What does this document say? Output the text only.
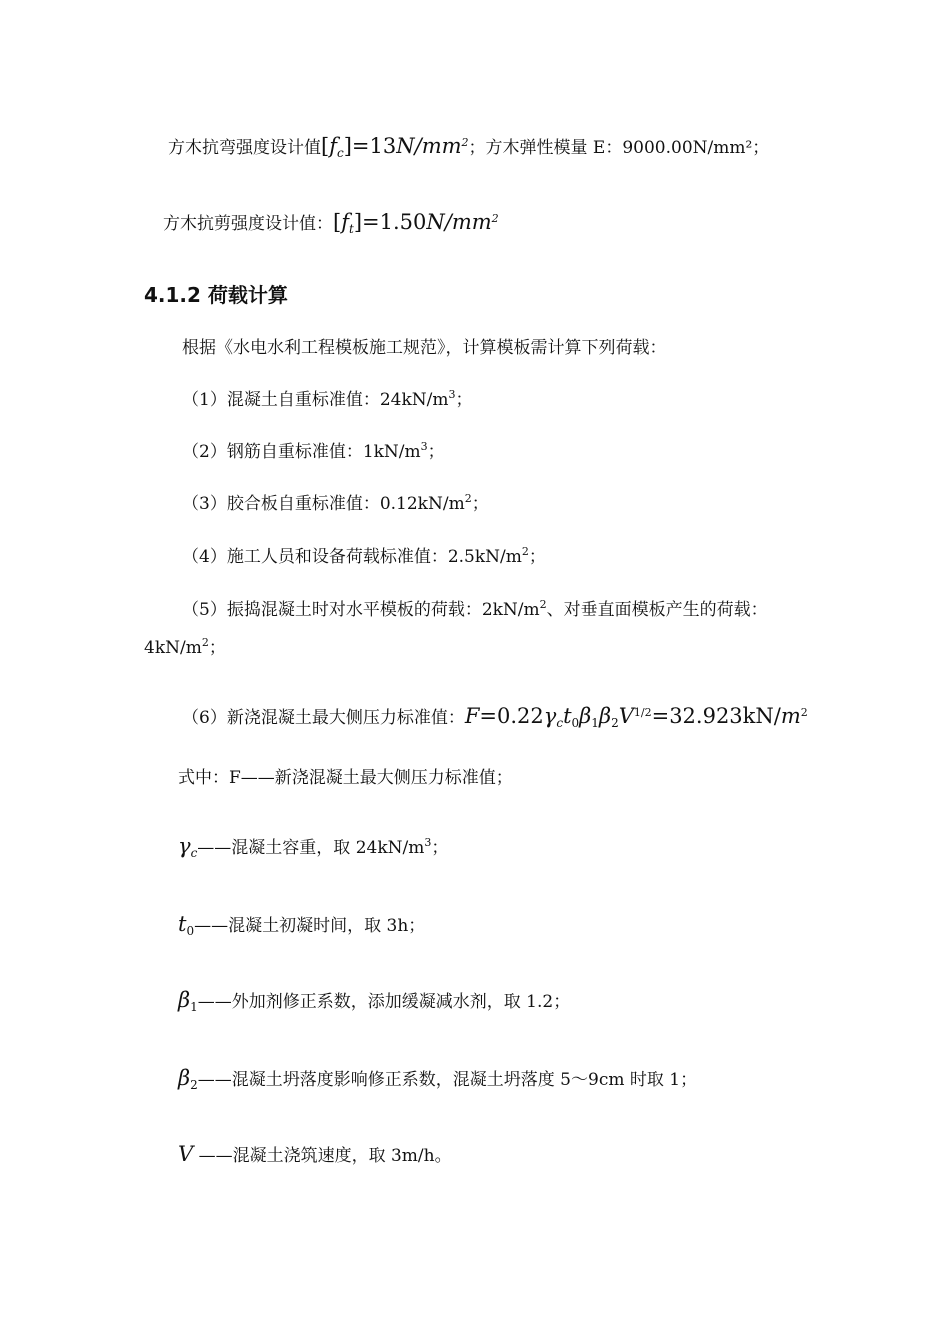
方木抗弯强度设计值$[f_c]=13N/mm^2$；方木弹性模量 E：9000.00N/mm²；
方木抗剪强度设计值：$[f_t]=1.50N/mm^2$
4.1.2 荷载计算
根据《水电水利工程模板施工规范》，计算模板需计算下列荷载：
（1）混凝土自重标准值：$24kN/m^3$；
（2）钢筋自重标准值：$1kN/m^3$；
（3）胶合板自重标准值：$0.12kN/m^2$；
（4）施工人员和设备荷载标准值：$2.5kN/m^2$；
（5）振捣混凝土时对水平模板的荷载：$2kN/m^2$、对垂直面模板产生的荷载：
$4kN/m^2$；
（6）新浇混凝土最大侧压力标准值：$F=0.22\gamma_ct_0\beta_1\beta_2V^{1/2}=32.923kN/m^2$
式中：F——新浇混凝土最大侧压力标准值；
$\gamma_c——$混凝土容重，取 $24kN/m^3$；
$t_0——$混凝土初凝时间，取 3h；
$\beta_1——$外加剂修正系数，添加缓凝减水剂，取 1.2；
$\beta_2——$混凝土坍落度影响修正系数，混凝土坍落度 5～9cm 时取 1；
V ——混凝土浇筑速度，取 3m/h。
